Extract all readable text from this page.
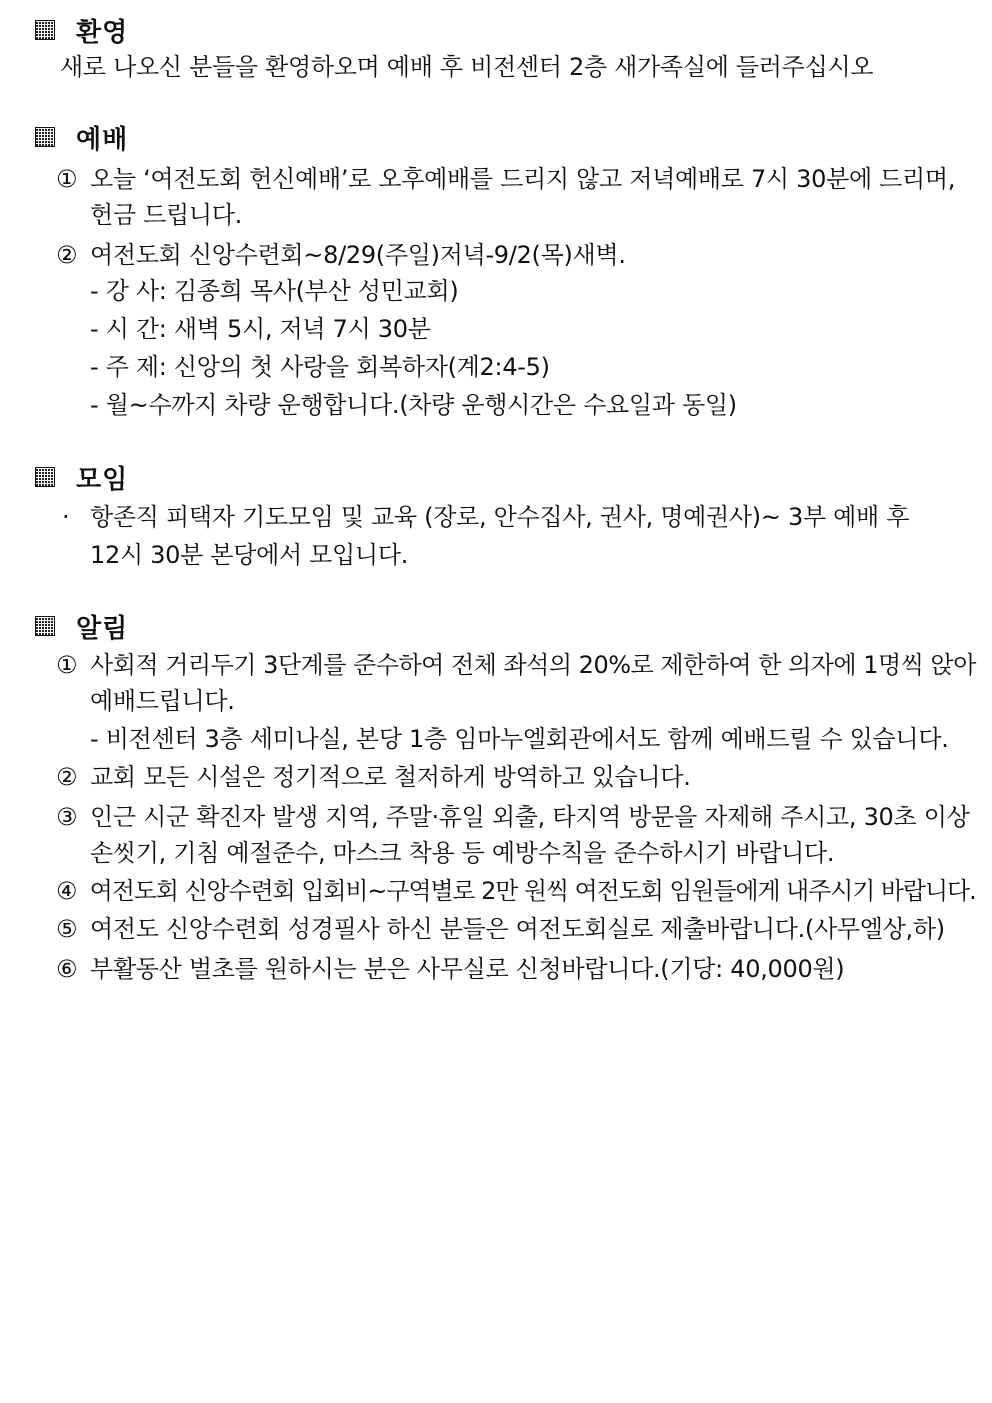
환영
새로 나오신 분들을 환영하오며 예배 후 비전센터 2층 새가족실에 들러주십시오
예배
① 오늘 ‘여전도회 헌신예배’로 오후예배를 드리지 않고 저녁예배로 7시 30분에 드리며,
헌금 드립니다.
② 여전도회 신앙수련회~8/29(주일)저녁-9/2(목)새벽.
- 강 사: 김종희 목사(부산 성민교회)
- 시 간: 새벽 5시, 저녁 7시 30분
- 주 제: 신앙의 첫 사랑을 회복하자(계2:4-5)
- 월~수까지 차량 운행합니다.(차량 운행시간은 수요일과 동일)
모임
· 항존직 피택자 기도모임 및 교육 (장로, 안수집사, 권사, 명예권사)~ 3부 예배 후
12시 30분 본당에서 모입니다.
알림
① 사회적 거리두기 3단계를 준수하여 전체 좌석의 20%로 제한하여 한 의자에 1명씩 앉아
예배드립니다.
- 비전센터 3층 세미나실, 본당 1층 임마누엘회관에서도 함께 예배드릴 수 있습니다.
② 교회 모든 시설은 정기적으로 철저하게 방역하고 있습니다.
③ 인근 시군 확진자 발생 지역, 주말·휴일 외출, 타지역 방문을 자제해 주시고, 30초 이상
손씻기, 기침 예절준수, 마스크 착용 등 예방수칙을 준수하시기 바랍니다.
④ 여전도회 신앙수련회 입회비~구역별로 2만 원씩 여전도회 임원들에게 내주시기 바랍니다.
⑤ 여전도 신앙수련회 성경필사 하신 분들은 여전도회실로 제출바랍니다.(사무엘상,하)
⑥ 부활동산 벌초를 원하시는 분은 사무실로 신청바랍니다.(기당: 40,000원)
